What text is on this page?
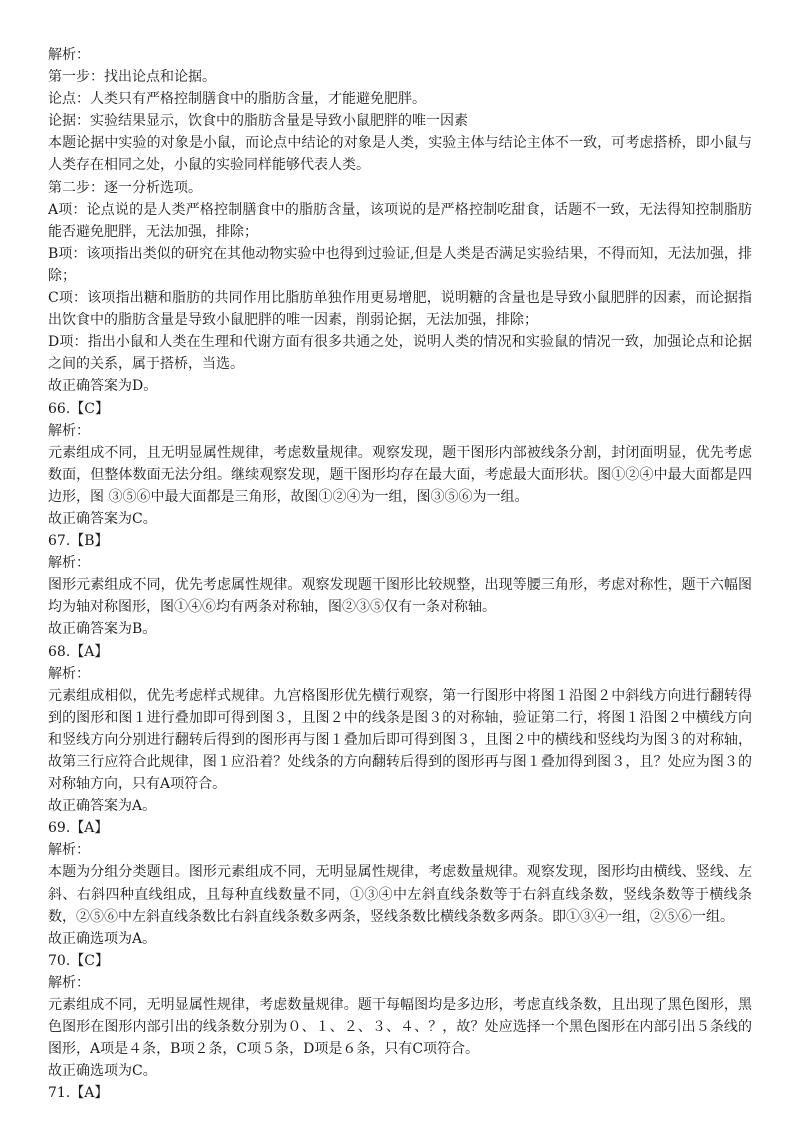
解析：

第一步：找出论点和论据。

论点：人类只有严格控制膳食中的脂肪含量，才能避免肥胖。

论据：实验结果显示，饮食中的脂肪含量是导致小鼠肥胖的唯一因素

本题论据中实验的对象是小鼠，而论点中结论的对象是人类，实验主体与结论主体不一致，可考虑搭桥，即小鼠与人类存在相同之处，小鼠的实验同样能够代表人类。

第二步：逐一分析选项。

A项：论点说的是人类严格控制膳食中的脂肪含量，该项说的是严格控制吃甜食，话题不一致，无法得知控制脂肪能否避免肥胖，无法加强，排除；

B项：该项指出类似的研究在其他动物实验中也得到过验证,但是人类是否满足实验结果，不得而知，无法加强，排除；

C项：该项指出糖和脂肪的共同作用比脂肪单独作用更易增肥，说明糖的含量也是导致小鼠肥胖的因素，而论据指出饮食中的脂肪含量是导致小鼠肥胖的唯一因素，削弱论据，无法加强，排除；

D项：指出小鼠和人类在生理和代谢方面有很多共通之处，说明人类的情况和实验鼠的情况一致，加强论点和论据之间的关系，属于搭桥，当选。

故正确答案为D。

66.【C】

解析：

元素组成不同，且无明显属性规律，考虑数量规律。观察发现，题干图形内部被线条分割，封闭面明显，优先考虑数面，但整体数面无法分组。继续观察发现，题干图形均存在最大面，考虑最大面形状。图①②④中最大面都是四边形，图 ③⑤⑥中最大面都是三角形，故图①②④为一组，图③⑤⑥为一组。

故正确答案为C。

67.【B】

解析：

图形元素组成不同，优先考虑属性规律。观察发现题干图形比较规整，出现等腰三角形，考虑对称性，题干六幅图均为轴对称图形，图①④⑥均有两条对称轴，图②③⑤仅有一条对称轴。

故正确答案为B。

68.【A】

解析：

元素组成相似，优先考虑样式规律。九宫格图形优先横行观察，第一行图形中将图１沿图２中斜线方向进行翻转得到的图形和图１进行叠加即可得到图３，且图２中的线条是图３的对称轴，验证第二行，将图１沿图２中横线方向和竖线方向分别进行翻转后得到的图形再与图１叠加后即可得到图３，且图２中的横线和竖线均为图３的对称轴，故第三行应符合此规律，图１应沿着？处线条的方向翻转后得到的图形再与图１叠加得到图３，且？处应为图３的对称轴方向，只有A项符合。

故正确答案为A。

69.【A】

解析：

本题为分组分类题目。图形元素组成不同，无明显属性规律，考虑数量规律。观察发现，图形均由横线、竖线、左斜、右斜四种直线组成，且每种直线数量不同，①③④中左斜直线条数等于右斜直线条数，竖线条数等于横线条数，②⑤⑥中左斜直线条数比右斜直线条数多两条，竖线条数比横线条数多两条。即①③④一组，②⑤⑥一组。

故正确选项为A。

70.【C】

解析：

元素组成不同，无明显属性规律，考虑数量规律。题干每幅图均是多边形，考虑直线条数，且出现了黑色图形，黑色图形在图形内部引出的线条数分别为０、１、２、３、４、？，故？处应选择一个黑色图形在内部引出５条线的图形，A项是４条，B项２条，C项５条，D项是６条，只有C项符合。

故正确选项为C。

71.【A】
